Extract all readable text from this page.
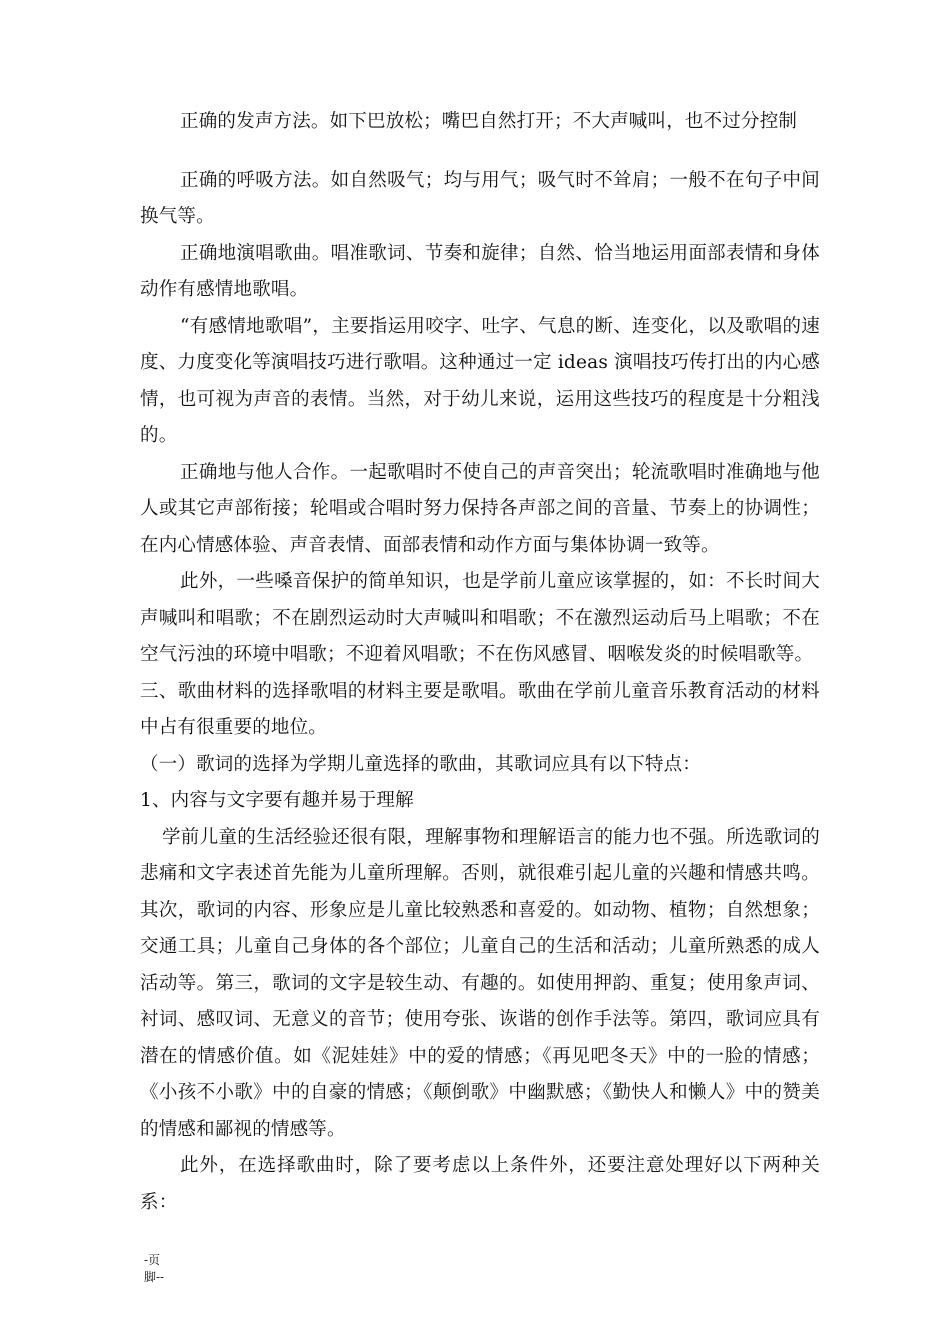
正确的发声方法。如下巴放松；嘴巴自然打开；不大声喊叫，也不过分控制

正确的呼吸方法。如自然吸气；均与用气；吸气时不耸肩；一般不在句子中间换气等。

正确地演唱歌曲。唱准歌词、节奏和旋律；自然、恰当地运用面部表情和身体动作有感情地歌唱。

“有感情地歌唱”，主要指运用咬字、吐字、气息的断、连变化，以及歌唱的速度、力度变化等演唱技巧进行歌唱。这种通过一定 ideas 演唱技巧传打出的内心感情，也可视为声音的表情。当然，对于幼儿来说，运用这些技巧的程度是十分粗浅的。

正确地与他人合作。一起歌唱时不使自己的声音突出；轮流歌唱时准确地与他人或其它声部衔接；轮唱或合唱时努力保持各声部之间的音量、节奏上的协调性；在内心情感体验、声音表情、面部表情和动作方面与集体协调一致等。

此外，一些嗓音保护的简单知识，也是学前儿童应该掌握的，如：不长时间大声喊叫和唱歌；不在剧烈运动时大声喊叫和唱歌；不在激烈运动后马上唱歌；不在空气污浊的环境中唱歌；不迎着风唱歌；不在伤风感冒、咽喉发炎的时候唱歌等。

三、歌曲材料的选择歌唱的材料主要是歌唱。歌曲在学前儿童音乐教育活动的材料中占有很重要的地位。

（一）歌词的选择为学期儿童选择的歌曲，其歌词应具有以下特点：

1、内容与文字要有趣并易于理解

学前儿童的生活经验还很有限，理解事物和理解语言的能力也不强。所选歌词的悲痛和文字表述首先能为儿童所理解。否则，就很难引起儿童的兴趣和情感共鸣。其次，歌词的内容、形象应是儿童比较熟悉和喜爱的。如动物、植物；自然想象；交通工具；儿童自己身体的各个部位；儿童自己的生活和活动；儿童所熟悉的成人活动等。第三，歌词的文字是较生动、有趣的。如使用押韵、重复；使用象声词、衬词、感叹词、无意义的音节；使用夸张、诙谐的创作手法等。第四，歌词应具有潜在的情感价值。如《泥娃娃》中的爱的情感；《再见吧冬天》中的一脸的情感；《小孩不小歌》中的自豪的情感；《颠倒歌》中幽默感；《勤快人和懒人》中的赞美的情感和鄙视的情感等。

此外，在选择歌曲时，除了要考虑以上条件外，还要注意处理好以下两种关系：

-页
脚--
